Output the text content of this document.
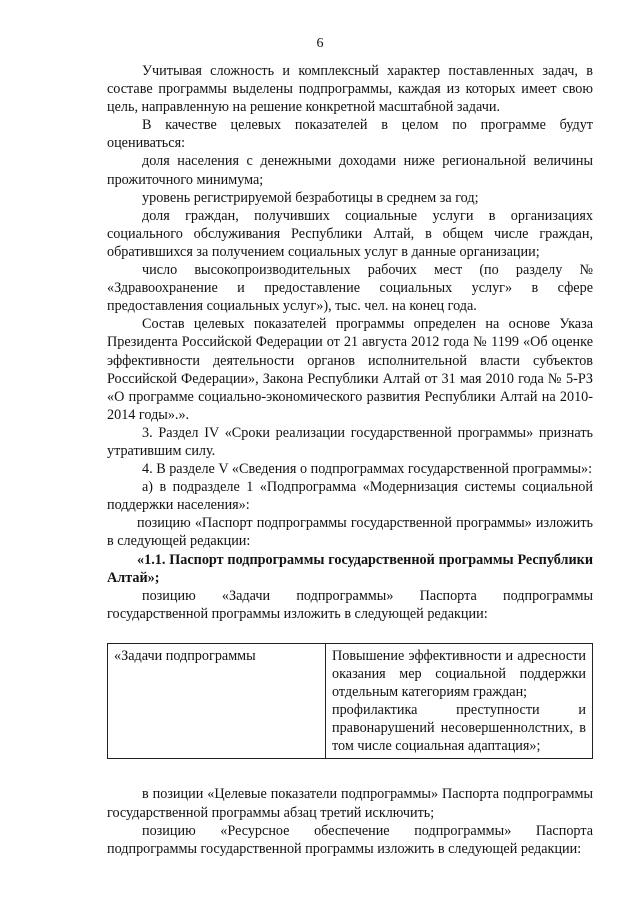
6

Учитывая сложность и комплексный характер поставленных задач, в составе программы выделены подпрограммы, каждая из которых имеет свою цель, направленную на решение конкретной масштабной задачи.

В качестве целевых показателей в целом по программе будут оцениваться:

доля населения с денежными доходами ниже региональной величины прожиточного минимума;

уровень регистрируемой безработицы в среднем за год;

доля граждан, получивших социальные услуги в организациях социального обслуживания Республики Алтай, в общем числе граждан, обратившихся за получением социальных услуг в данные организации;

число высокопроизводительных рабочих мест (по разделу № «Здравоохранение и предоставление социальных услуг» в сфере предоставления социальных услуг»), тыс. чел. на конец года.

Состав целевых показателей программы определен на основе Указа Президента Российской Федерации от 21 августа 2012 года № 1199 «Об оценке эффективности деятельности органов исполнительной власти субъектов Российской Федерации», Закона Республики Алтай от 31 мая 2010 года № 5-РЗ «О программе социально-экономического развития Республики Алтай на 2010-2014 годы».».

3. Раздел IV «Сроки реализации государственной программы» признать утратившим силу.

4. В разделе V «Сведения о подпрограммах государственной программы»:

а) в подразделе 1 «Подпрограмма «Модернизация системы социальной поддержки населения»:

позицию «Паспорт подпрограммы государственной программы» изложить в следующей редакции:

«1.1. Паспорт подпрограммы государственной программы Республики Алтай»;

позицию «Задачи подпрограммы» Паспорта подпрограммы государственной программы изложить в следующей редакции:

«Задачи подпрограммы	Повышение эффективности и адресности оказания мер социальной поддержки отдельным категориям граждан;
профилактика преступности и правонарушений несовершеннолстних, в том числе социальная адаптация»;

в позиции «Целевые показатели подпрограммы» Паспорта подпрограммы государственной программы абзац третий исключить;

позицию «Ресурсное обеспечение подпрограммы» Паспорта подпрограммы государственной программы изложить в следующей редакции:
